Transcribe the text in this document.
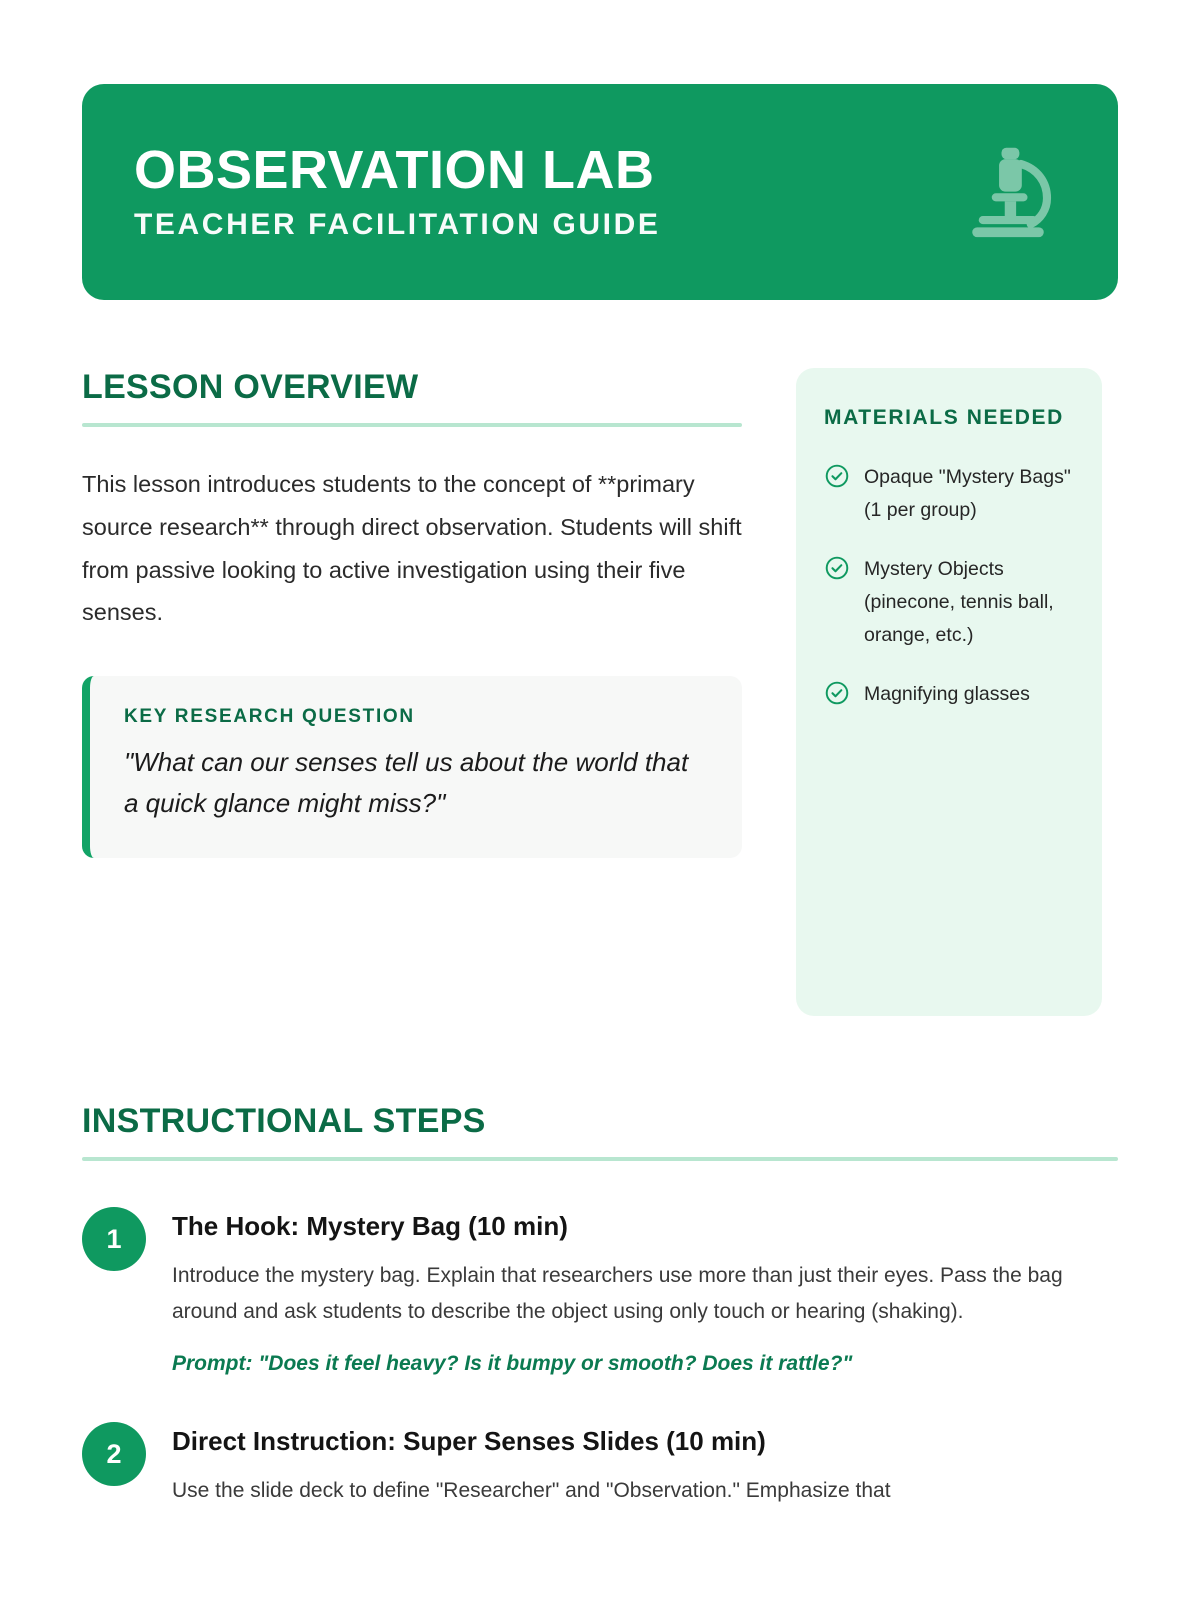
OBSERVATION LAB
TEACHER FACILITATION GUIDE
LESSON OVERVIEW

This lesson introduces students to the concept of **primary source research** through direct observation. Students will shift from passive looking to active investigation using their five senses.

KEY RESEARCH QUESTION

"What can our senses tell us about the world that a quick glance might miss?"

MATERIALS NEEDED
Opaque "Mystery Bags" (1 per group)
Mystery Objects (pinecone, tennis ball, orange, etc.)
Magnifying glasses
INSTRUCTIONAL STEPS
1	The Hook: Mystery Bag (10 min)

Introduce the mystery bag. Explain that researchers use more than just their eyes. Pass the bag around and ask students to describe the object using only touch or hearing (shaking).

Prompt: "Does it feel heavy? Is it bumpy or smooth? Does it rattle?"

2	Direct Instruction: Super Senses Slides (10 min)

Use the slide deck to define "Researcher" and "Observation." Emphasize that
